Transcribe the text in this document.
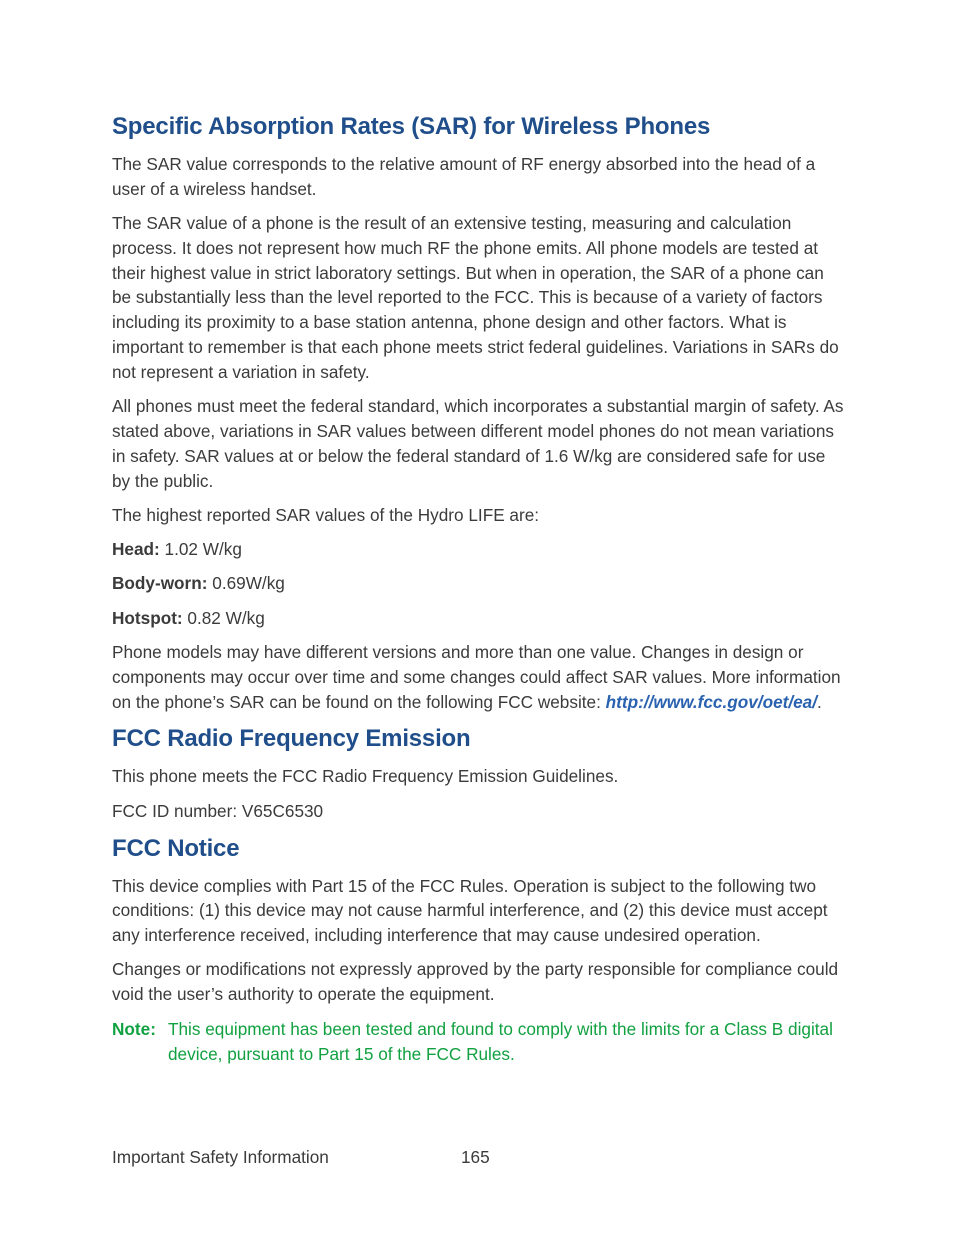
Specific Absorption Rates (SAR) for Wireless Phones

The SAR value corresponds to the relative amount of RF energy absorbed into the head of a user of a wireless handset.

The SAR value of a phone is the result of an extensive testing, measuring and calculation process. It does not represent how much RF the phone emits. All phone models are tested at their highest value in strict laboratory settings. But when in operation, the SAR of a phone can be substantially less than the level reported to the FCC. This is because of a variety of factors including its proximity to a base station antenna, phone design and other factors. What is important to remember is that each phone meets strict federal guidelines. Variations in SARs do not represent a variation in safety.

All phones must meet the federal standard, which incorporates a substantial margin of safety. As stated above, variations in SAR values between different model phones do not mean variations in safety. SAR values at or below the federal standard of 1.6 W/kg are considered safe for use by the public.

The highest reported SAR values of the Hydro LIFE are:

Head: 1.02 W/kg

Body-worn: 0.69W/kg

Hotspot: 0.82 W/kg

Phone models may have different versions and more than one value. Changes in design or components may occur over time and some changes could affect SAR values. More information on the phone’s SAR can be found on the following FCC website: http://www.fcc.gov/oet/ea/.

FCC Radio Frequency Emission

This phone meets the FCC Radio Frequency Emission Guidelines.

FCC ID number: V65C6530

FCC Notice

This device complies with Part 15 of the FCC Rules. Operation is subject to the following two conditions: (1) this device may not cause harmful interference, and (2) this device must accept any interference received, including interference that may cause undesired operation.

Changes or modifications not expressly approved by the party responsible for compliance could void the user’s authority to operate the equipment.

Note: This equipment has been tested and found to comply with the limits for a Class B digital device, pursuant to Part 15 of the FCC Rules.
Important Safety Information	165
